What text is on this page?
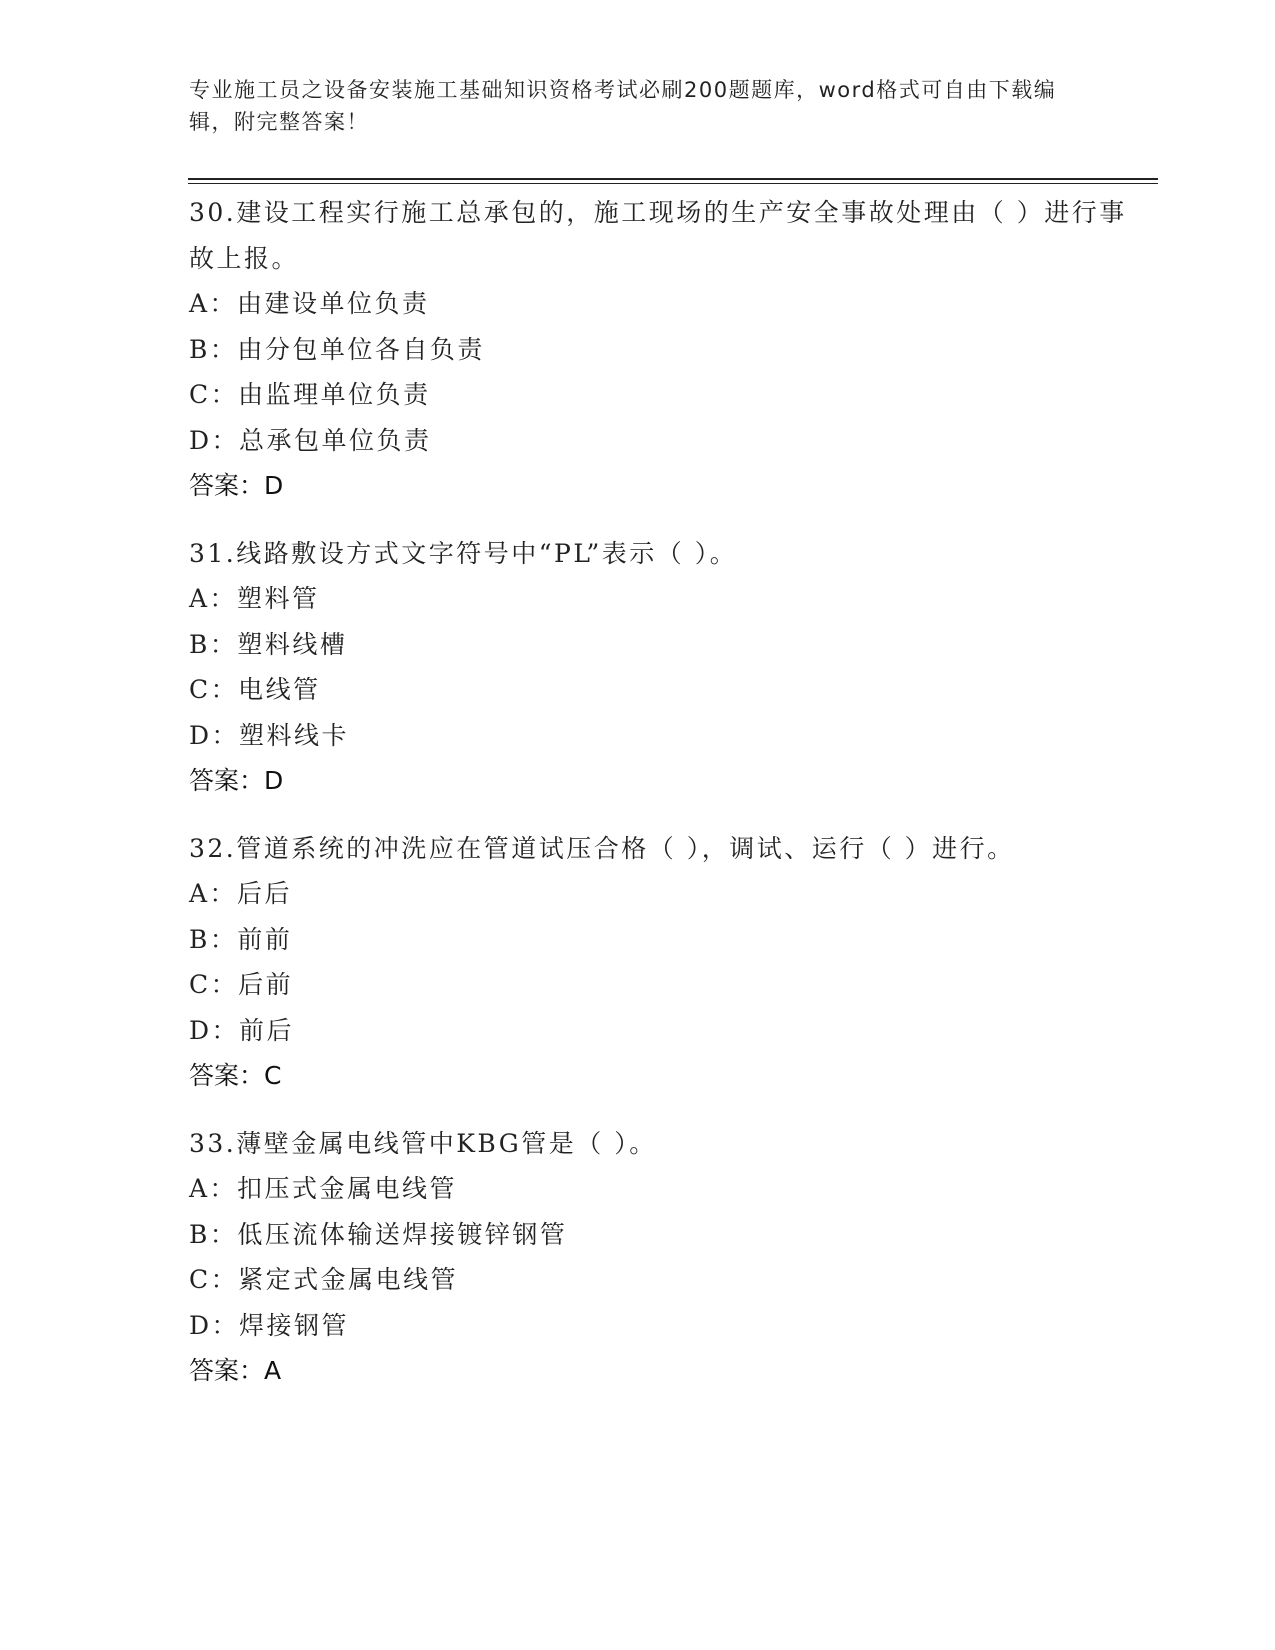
专业施工员之设备安装施工基础知识资格考试必刷200题题库，word格式可自由下载编辑，附完整答案！
30.建设工程实行施工总承包的，施工现场的生产安全事故处理由（ ）进行事故上报。
A：由建设单位负责
B：由分包单位各自负责
C：由监理单位负责
D：总承包单位负责
答案：D
31.线路敷设方式文字符号中“PL”表示（ ）。
A：塑料管
B：塑料线槽
C：电线管
D：塑料线卡
答案：D
32.管道系统的冲洗应在管道试压合格（ ），调试、运行（ ）进行。
A：后后
B：前前
C：后前
D：前后
答案：C
33.薄壁金属电线管中KBG管是（ ）。
A：扣压式金属电线管
B：低压流体输送焊接镀锌钢管
C：紧定式金属电线管
D：焊接钢管
答案：A
